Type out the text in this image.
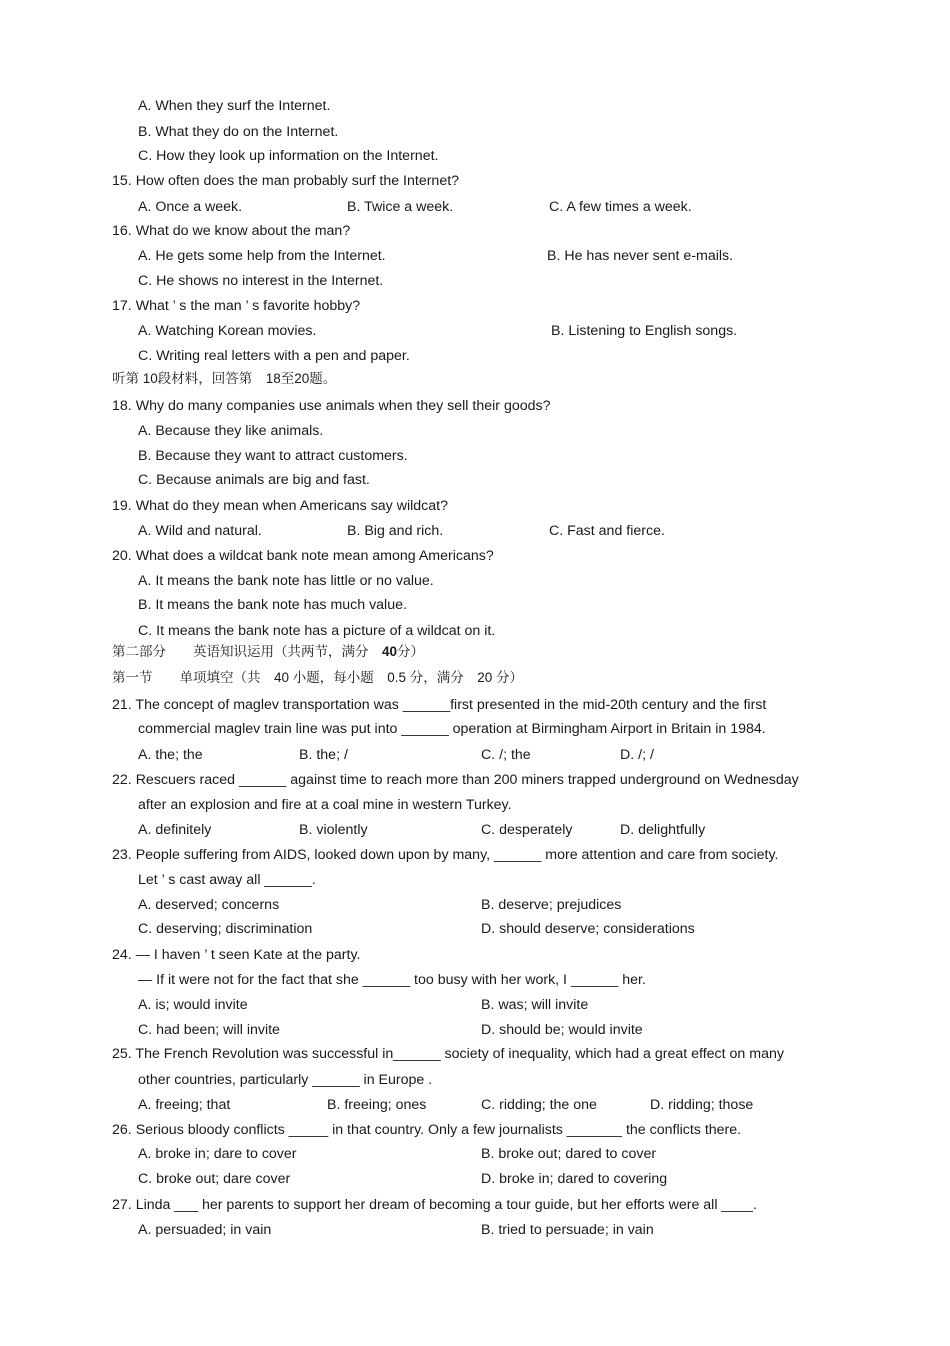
A. When they surf the Internet.
B. What they do on the Internet.
C. How they look up information on the Internet.
15. How often does the man probably surf the Internet?
A. Once a week.	B. Twice a week.	C. A few times a week.
16. What do we know about the man?
A. He gets some help from the Internet.	B. He has never sent e-mails.
C. He shows no interest in the Internet.
17. What ’ s the man ’ s favorite hobby?
A. Watching Korean movies.	B. Listening to English songs.
C. Writing real letters with a pen and paper.
听第 10段材料，回答第　18至20题。
18. Why do many companies use animals when they sell their goods?
A. Because they like animals.
B. Because they want to attract customers.
C. Because animals are big and fast.
19. What do they mean when Americans say wildcat?
A. Wild and natural.	B. Big and rich.	C. Fast and fierce.
20. What does a wildcat bank note mean among Americans?
A. It means the bank note has little or no value.
B. It means the bank note has much value.
C. It means the bank note has a picture of a wildcat on it.
第二部分　　英语知识运用（共两节，满分　40分）
第一节　　单项填空（共　40 小题，每小题　0.5 分，满分　20 分）
21. The concept of maglev transportation was ______first presented in the mid-20th century and the first
commercial maglev train line was put into ______ operation at Birmingham Airport in Britain in 1984.
A. the; the	B. the; /	C. /; the	D. /; /
22. Rescuers raced ______ against time to reach more than 200 miners trapped underground on Wednesday
after an explosion and fire at a coal mine in western Turkey.
A. definitely	B. violently	C. desperately	D. delightfully
23. People suffering from AIDS, looked down upon by many, ______ more attention and care from society.
Let ’ s cast away all ______.
A. deserved; concerns	B. deserve; prejudices
C. deserving; discrimination	D. should deserve; considerations
24. — I haven ’ t seen Kate at the party.
— If it were not for the fact that she ______ too busy with her work, I ______ her.
A. is; would invite	B. was; will invite
C. had been; will invite	D. should be; would invite
25. The French Revolution was successful in______ society of inequality, which had a great effect on many
other countries, particularly ______ in Europe .
A. freeing; that	B. freeing; ones	C. ridding; the one	D. ridding; those
26. Serious bloody conflicts _____ in that country. Only a few journalists _______ the conflicts there.
A. broke in; dare to cover	B. broke out; dared to cover
C. broke out; dare cover	D. broke in; dared to covering
27. Linda ___ her parents to support her dream of becoming a tour guide, but her efforts were all ____.
A. persuaded; in vain	B. tried to persuade; in vain
